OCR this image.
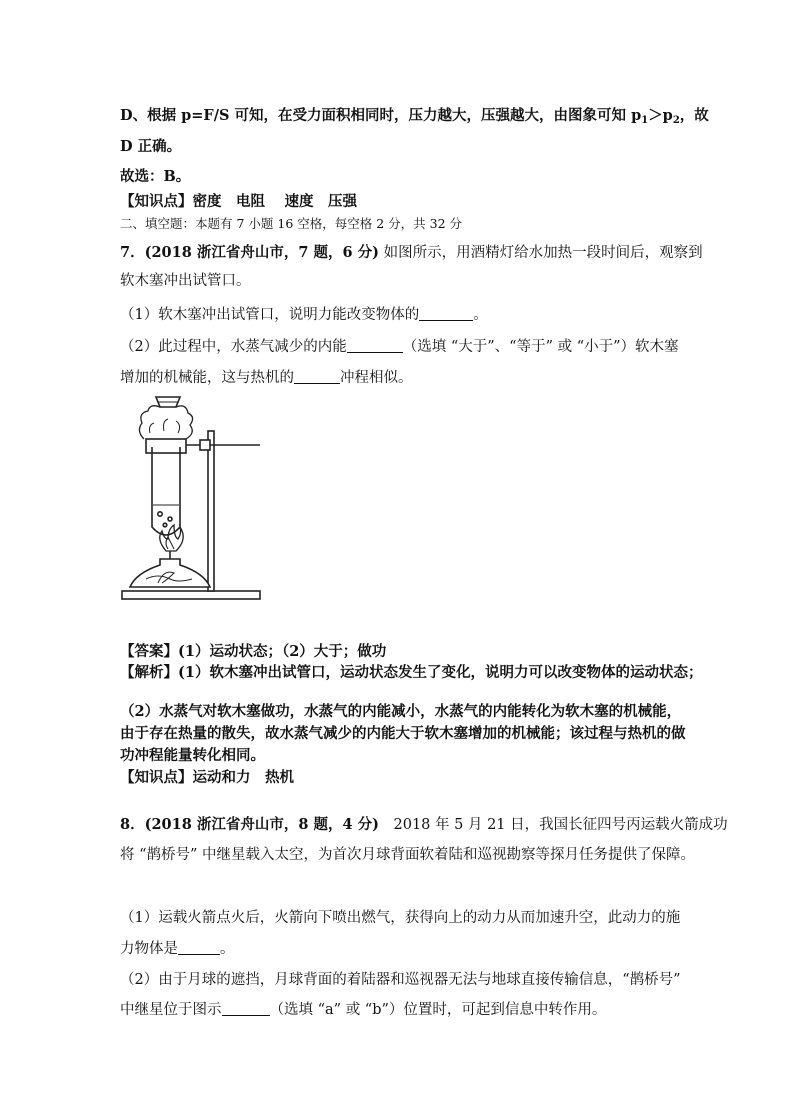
D、根据 p=F/S 可知，在受力面积相同时，压力越大，压强越大，由图象可知 $p_1>p_2$，故
D 正确。
故选：B。
【知识点】密度　电阻　 速度　压强
二、填空题：本题有 7 小题 16 空格，每空格 2 分，共 32 分
7．(2018 浙江省舟山市，7 题，6 分) 如图所示，用酒精灯给水加热一段时间后，观察到
软木塞冲出试管口。
（1）软木塞冲出试管口，说明力能改变物体的	。
（2）此过程中，水蒸气减少的内能	（选填 “大于”、“等于” 或 “小于”）软木塞
增加的机械能，这与热机的	冲程相似。
【答案】(1）运动状态；（2）大于；做功
【解析】(1）软木塞冲出试管口，运动状态发生了变化，说明力可以改变物体的运动状态；
（2）水蒸气对软木塞做功，水蒸气的内能减小，水蒸气的内能转化为软木塞的机械能，
由于存在热量的散失，故水蒸气减少的内能大于软木塞增加的机械能；该过程与热机的做
功冲程能量转化相同。
【知识点】运动和力　热机
8．(2018 浙江省舟山市，8 题，4 分)　2018 年 5 月 21 日，我国长征四号丙运载火箭成功
将 “鹊桥号” 中继星载入太空，为首次月球背面软着陆和巡视勘察等探月任务提供了保障。
（1）运载火箭点火后，火箭向下喷出燃气，获得向上的动力从而加速升空，此动力的施
力物体是	。
（2）由于月球的遮挡，月球背面的着陆器和巡视器无法与地球直接传输信息，“鹊桥号”
中继星位于图示	（选填 “a” 或 “b”）位置时，可起到信息中转作用。
